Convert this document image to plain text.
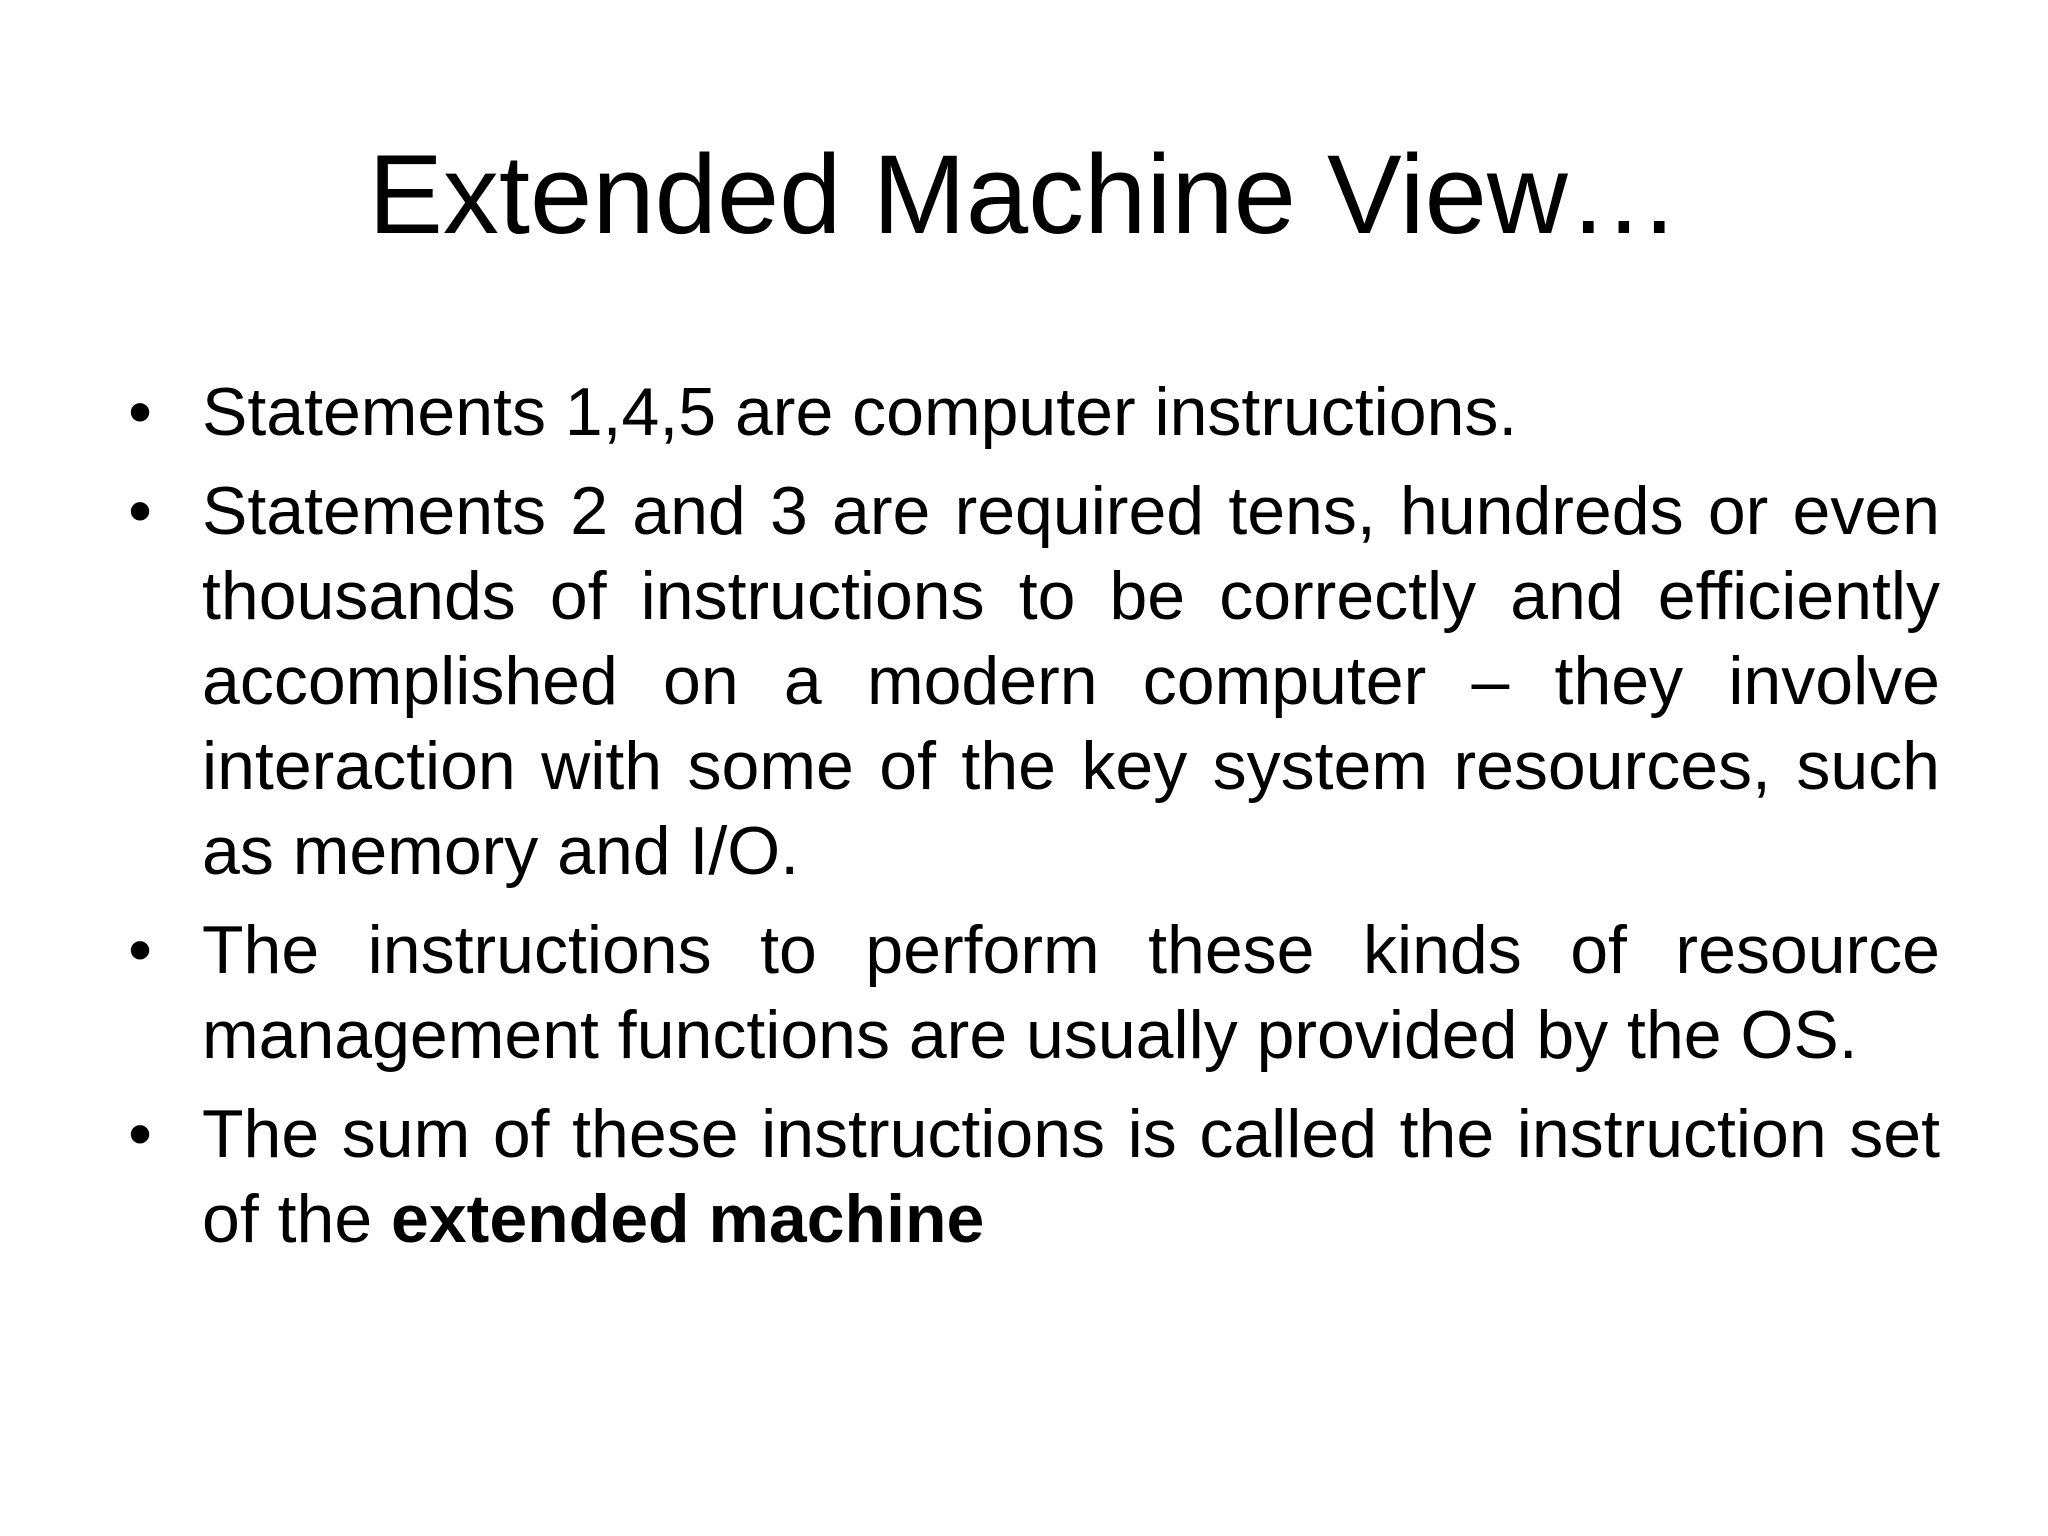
Extended Machine View…
• Statements 1,4,5 are computer instructions.
• Statements 2 and 3 are required tens, hundreds or even thousands of instructions to be correctly and efficiently accomplished on a modern computer – they involve interaction with some of the key system resources, such as memory and I/O.
• The instructions to perform these kinds of resource management functions are usually provided by the OS.
• The sum of these instructions is called the instruction set of the extended machine
